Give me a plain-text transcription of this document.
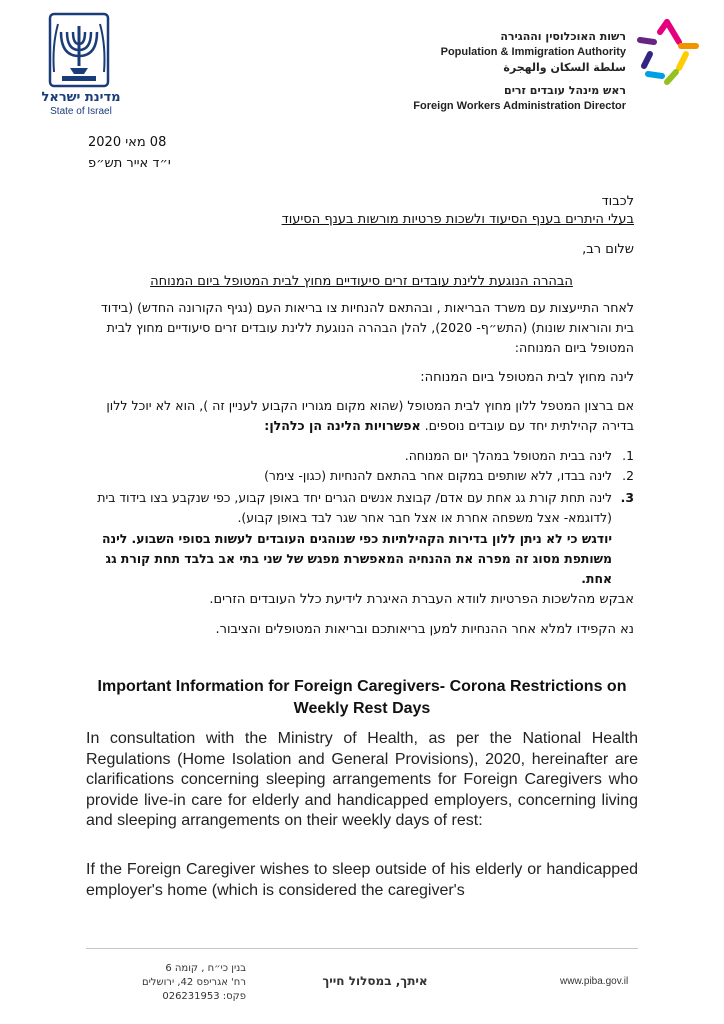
מדינת ישראל
State of Israel
רשות האוכלוסין וההגירה
Population & Immigration Authority
سلطة السكان والهجرة
ראש מינהל עובדים זרים
Foreign Workers Administration Director
08 מאי 2020
י״ד אייר תש״פ
לכבוד
בעלי היתרים בענף הסיעוד ולשכות פרטיות מורשות בענף הסיעוד
שלום רב,
הבהרה הנוגעת ללינת עובדים זרים סיעודיים מחוץ לבית המטופל ביום המנוחה
לאחר התייעצות עם משרד הבריאות , ובהתאם להנחיות צו בריאות העם (נגיף הקורונה החדש) (בידוד בית והוראות שונות) (התש״ף- 2020), להלן הבהרה הנוגעת ללינת עובדים זרים סיעודיים מחוץ לבית המטופל ביום המנוחה:
לינה מחוץ לבית המטופל ביום המנוחה:
אם ברצון המטפל ללון מחוץ לבית המטופל (שהוא מקום מגוריו הקבוע לעניין זה ), הוא לא יוכל ללון בדירה קהילתית יחד עם עובדים נוספים. אפשרויות הלינה הן כלהלן:
1.
לינה בבית המטופל במהלך יום המנוחה.
2.
לינה בבדו, ללא שותפים במקום אחר בהתאם להנחיות (כגון- צימר)
3.
לינה תחת קורת גג אחת עם אדם/ קבוצת אנשים הגרים יחד באופן קבוע, כפי שנקבע בצו בידוד בית (לדוגמא- אצל משפחה אחרת או אצל חבר אחר שגר לבד באופן קבוע).
יודגש כי לא ניתן ללון בדירות הקהילתיות כפי שנוהגים העובדים לעשות בסופי השבוע. לינה משותפת מסוג זה מפרה את ההנחיה המאפשרת מפגש של שני בתי אב בלבד תחת קורת גג אחת.
אבקש מהלשכות הפרטיות לוודא העברת האיגרת לידיעת כלל העובדים הזרים.
נא הקפידו למלא אחר ההנחיות למען בריאותכם ובריאות המטופלים והציבור.
Important Information for Foreign Caregivers- Corona Restrictions on Weekly Rest Days
In consultation with the Ministry of Health, as per the National Health Regulations (Home Isolation and General Provisions), 2020, hereinafter are clarifications concerning sleeping arrangements for Foreign Caregivers who provide live-in care for elderly and handicapped employers, concerning living and sleeping arrangements on their weekly days of rest:
If the Foreign Caregiver wishes to sleep outside of his elderly or handicapped employer's home (which is considered the caregiver's
בנין כי״ח , קומה 6
רח' אגריפס 42, ירושלים
פקס: 026231953
איתך, במסלול חייך	www.piba.gov.il
